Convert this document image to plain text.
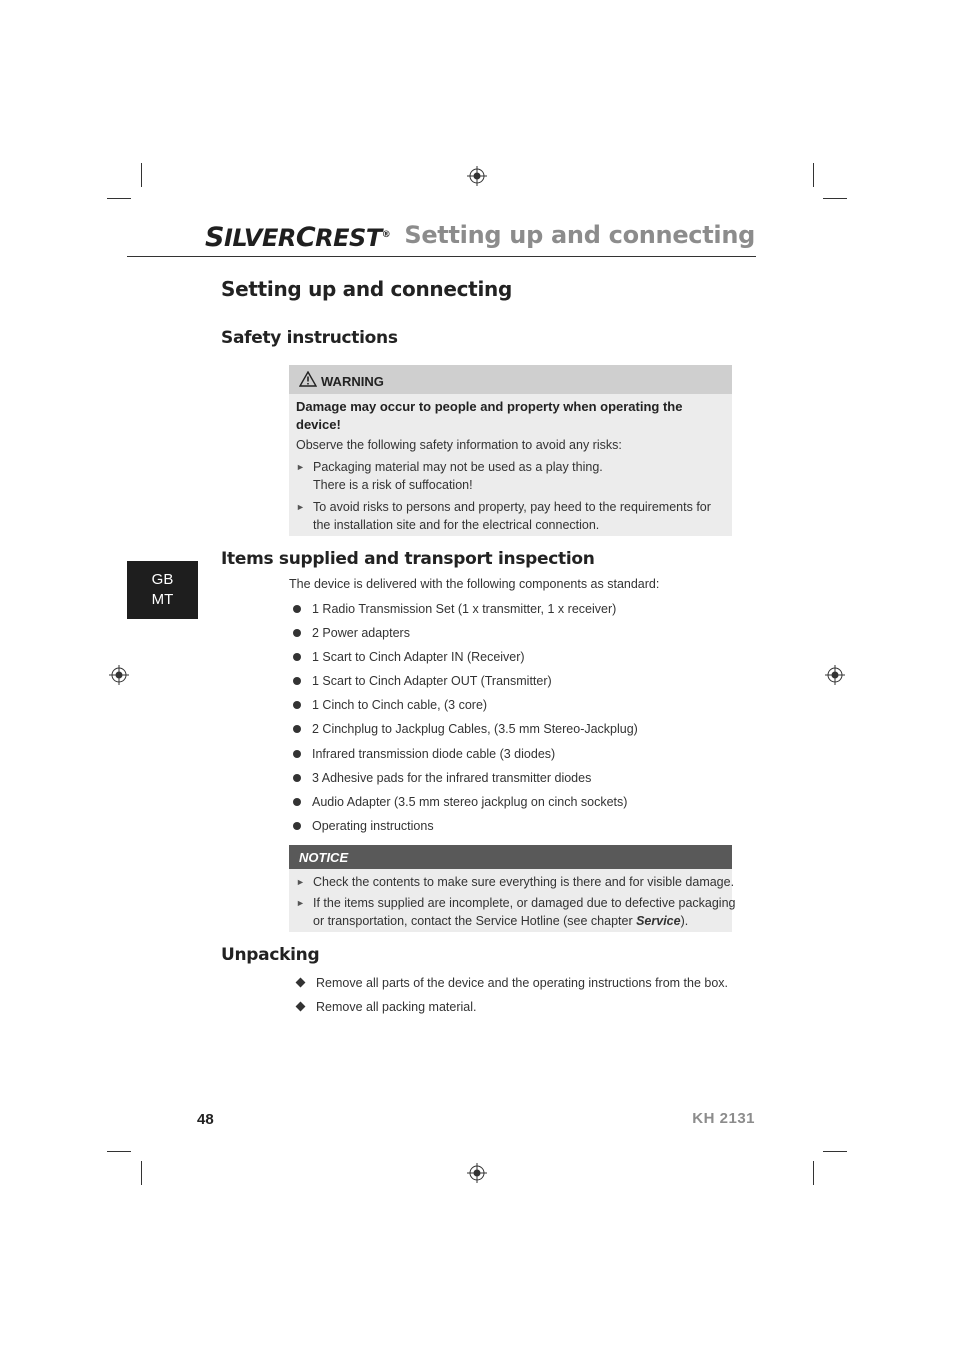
SILVERCREST® Setting up and connecting
Setting up and connecting
Safety instructions
WARNING
Damage may occur to people and property when operating the device!
Observe the following safety information to avoid any risks:
► Packaging material may not be used as a play thing.
There is a risk of suffocation!
► To avoid risks to persons and property, pay heed to the requirements for
the installation site and for the electrical connection.
GB
MT
Items supplied and transport inspection
The device is delivered with the following components as standard:
1 Radio Transmission Set (1 x transmitter, 1 x receiver)
2 Power adapters
1 Scart to Cinch Adapter IN (Receiver)
1 Scart to Cinch Adapter OUT (Transmitter)
1 Cinch to Cinch cable, (3 core)
2 Cinchplug to Jackplug Cables, (3.5 mm Stereo-Jackplug)
Infrared transmission diode cable (3 diodes)
3 Adhesive pads for the infrared transmitter diodes
Audio Adapter (3.5 mm stereo jackplug on cinch sockets)
Operating instructions
NOTICE
► Check the contents to make sure everything is there and for visible damage.
► If the items supplied are incomplete, or damaged due to defective packaging
or transportation, contact the Service Hotline (see chapter Service).
Unpacking
Remove all parts of the device and the operating instructions from the box.
Remove all packing material.
48	KH 2131
